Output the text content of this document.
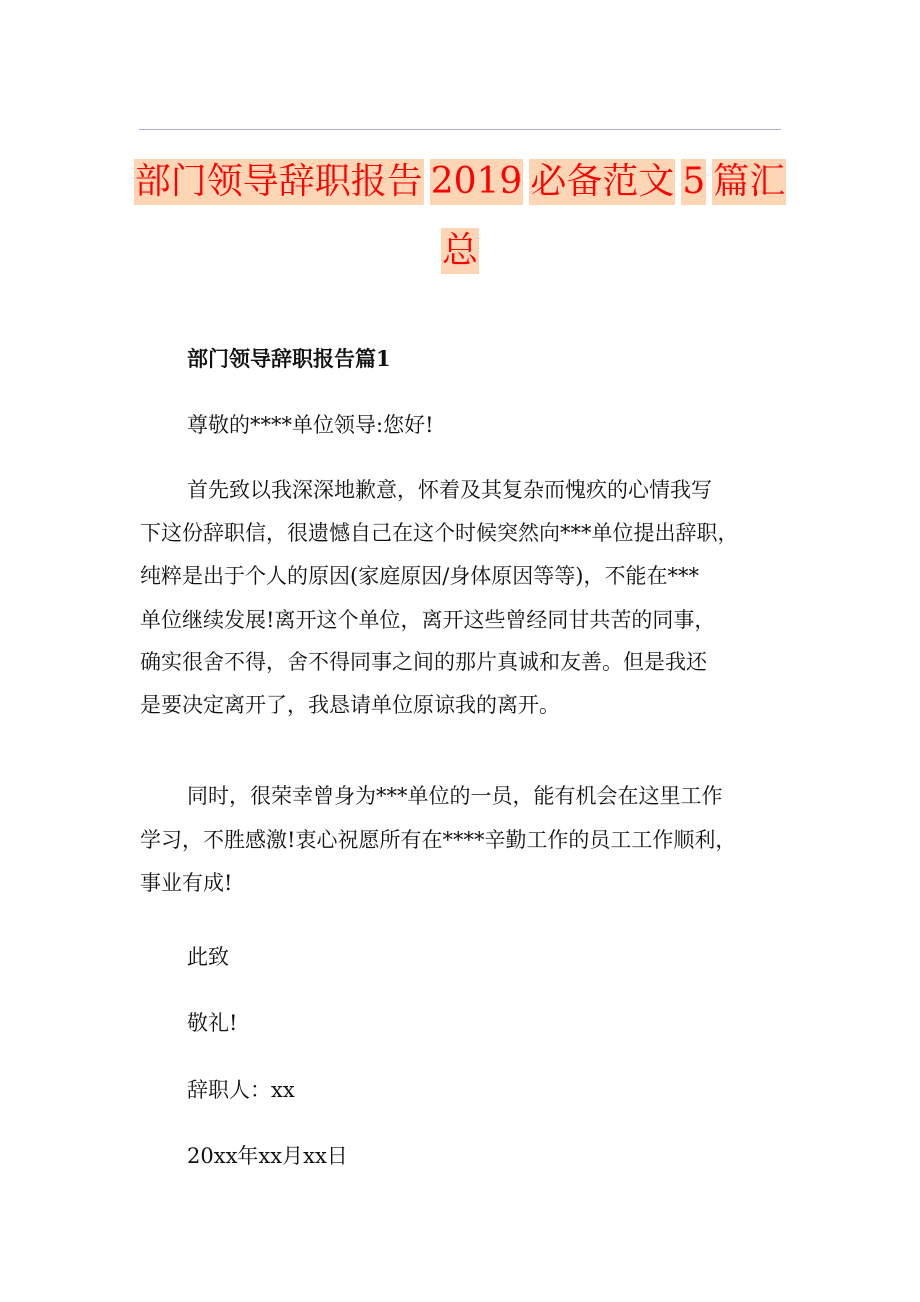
部门领导辞职报告 2019 必备范文 5 篇汇
总
部门领导辞职报告篇1
尊敬的****单位领导:您好!
首先致以我深深地歉意，怀着及其复杂而愧疚的心情我写
下这份辞职信，很遗憾自己在这个时候突然向***单位提出辞职，
纯粹是出于个人的原因(家庭原因/身体原因等等)，不能在***
单位继续发展!离开这个单位，离开这些曾经同甘共苦的同事，
确实很舍不得，舍不得同事之间的那片真诚和友善。但是我还
是要决定离开了，我恳请单位原谅我的离开。
同时，很荣幸曾身为***单位的一员，能有机会在这里工作
学习，不胜感激!衷心祝愿所有在****辛勤工作的员工工作顺利，
事业有成!
此致
敬礼!
辞职人：xx
20xx年xx月xx日
